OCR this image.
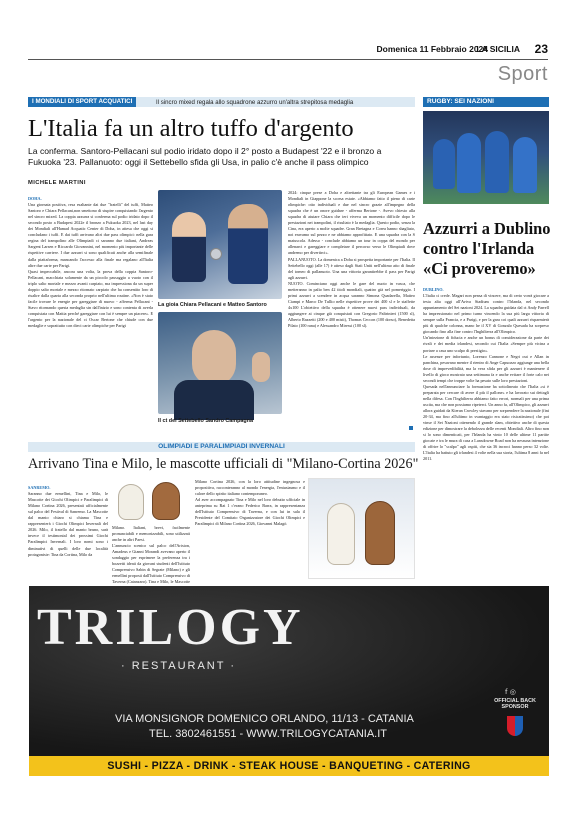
Domenica 11 Febbraio 2024
LA SICILIA 23
Sport
I MONDIALI DI SPORT ACQUATICI	Il sincro mixed regala allo squadrone azzurro un'altra strepitosa medaglia
L'Italia fa un altro tuffo d'argento
La conferma. Santoro-Pellacani sul podio iridato dopo il 2° posto a Budapest '22 e il bronzo a Fukuoka '23. Pallanuoto: oggi il Settebello sfida gli Usa, in palio c'è anche il pass olimpico
MICHELE MARTINI

DOHA.
Una giornata positiva, resa esaltante dai due "fratelli" del tuffi, Matteo Santoro e Chiara Pellacani,non smettono di stupire conquistando l'argento nel sincro mixed. La coppia azzurra si conferma sul podio iridato dopo il secondo posto a Budapest 2022e il bronzo a Fukuoka 2023, nel last day dei Mondiali all'Hamad Acquatic Center di Doha, in attesa che oggi si concludano i tuffi. E dai tuffi arrivano altri due pass olimpici: nella gara regina del trampolino alle Olimpiadi ci saranno due italiani, Andreas Sargent Larsen e Riccardo Giovannini, nel momento più importante delle rispettive carriere. I due azzurri si sono qualificati anche alla semifinale dalla piattaforma, mancando l'accesso alla finale ma regalano all'Italia altre due carte per Parigi.
Quasi impeccabile, ancora una volta, la prova della coppia Santoro-Pellacani, macchiata solamente da un piccolo passaggio a vuoto con il triplo salto mortale e mezzo avanti carpiato, ma impressiona da un super doppio salto mortale e mezzo ritornato carpiato che ha consentito loro di risalire dalla quarta alla seconda proprio nell'ultima routine. «Non è stato facile trovare le energie per gareggiare di nuovo - afferma Pellacani - Stavo ritornando questa medaglia sin dall'inizio e sono contenta di averla conquistata con Mattia perché gareggiare con lui è sempre un piacere». E l'argento per la nazionale del ct Oscar Bertone che chiude con due medaglie e soprattutto con dieci carte olimpiche per Parigi

La gioia Chiara Pellacani e Matteo Santoro
Il ct del Settebello Sandro Campagna
2024: cinque prese a Doha e altrettante tra gli European Games e i Mondiali in Giappone la scorsa estate. «Abbiamo fatto il pieno di carte olimpiche: otto individuali e due nel sincro grazie all'impegno della squadra che è un onore guidare - afferma Bertone -. Avevo chiesto alla squadra di aiutare Chiara che ieri viveva un momento difficile dopo le prestazioni nei trampolini, il risultato è la medaglia. Questo podio, senza la Cina, era aperto a molte squadre. Gran Bretagna e Corea hanno sbagliato, noi eravamo sul pezzo e ne abbiamo approfittato. E una squadra con la S maiuscola. Adesso - conclude abbiamo un tour in coppa del mondo per allenarci e gareggiare e completare il percorso verso le Olimpiadi dove andremo per divertirci».
PALLANUOTO. La domenica a Doha si prospetta importante per l'Italia. Il Settebello oggi (alle 17) è atteso dagli Stati Uniti nell'ultimo atto di finale del torneo di pallanuoto. Una una vittoria garantirebbe il pass per Parigi agli azzurri.
NUOTO. Cominciano oggi anche le gare del nuoto in vasca, che metteranno in palio ben 42 titoli mondiali, quattro già nel pomeriggio. I primi azzurri a scendere in acqua saranno Simona Quadarella, Matteo Ciampi e Marco De Tullio nelle rispettive prove dei 400 sl e le staffette 4x100 L'obiettivo della squadra è ottenere nuovi pass individuali, da aggiungere ai cinque già conquistati con Gregorio Paltrinieri (1500 sl), Alberto Razzetti (200 e 400 misti), Thomas Ceccon (100 dorso), Benedetta Pilato (100 rana) e Alessandro Miressi (100 sl).
OLIMPIADI E PARALIMPIADI INVERNALI
Arrivano Tina e Milo, le mascotte ufficiali di "Milano-Cortina 2026"

SANREMO.
Saranno due ermellini, Tina e Milo, le Mascotte dei Giochi Olimpici e Paralimpici di Milano Cortina 2026, presentati ufficialmente sul palco del Festival di Sanremo. La Mascotte dal manto chiaro si chiama Tina e rappresenterà i Giochi Olimpici Invernali del 2026. Milo, il fratello dal manto bruno, sarà invece il testimonial dei prossimi Giochi Paralimpici Invernali. I loro nomi sono i diminutivi di quelli delle due località protagoniste: Tina da Cortina, Milo da

Milano. Italiani, brevi, facilmente pronunciabili e memorizzabili, sono utilizzati anche in altri Paesi.
L'annuncio scenico sul palco dell'Ariston, Amadeus e Gianni Morandi avevano aperto il sondaggio per esprimere la preferenza tra i bozzetti ideati da giovani studenti dell'Istituto Comprensivo Sabin di Segrate (Milano) e gli ermellini proposti dall'Istituto Comprensivo di Taverna (Catanzaro). Tina e Milo, le Mascotte
Milano Cortina 2026, con la loro attitudine ingegnosa e propositiva, racconteranno al mondo l'energia, l'entusiasmo e il calore dello spirito italiano contemporaneo.
Ad aver accompagnato Tina e Milo nel loro debutto ufficiale in anteprima su Rai 1 c'erano Federico Barra, in rappresentanza dell'Istituto Comprensivo di Taverna, e con lui in sala il Presidente del Comitato Organizzatore dei Giochi Olimpici e Paralimpici di Milano Cortina 2026, Giovanni Malagò.
RUGBY: SEI NAZIONI
Azzurri a Dublino contro l'Irlanda «Ci proveremo»

DUBLINO.
L'Italia ci crede. Magari non pensa di vincere, ma di certo vorrà giocare a testa alta oggi all'Aviva Stadium contro l'Irlanda, nel secondo appuntamento del Sei nazioni 2024. La squadra guidata dal ct Andy Farrell ha impressionato nel primo turno vincendo la sua più larga vittoria di sempre sulla Francia, e a Parigi, e per la gara coi quali azzurri risparmierà più di qualche colonna, mano he il XV di Gonzalo Quesada ha sorpreso giocando fino alla fine contro l'Inghilterra all'Olimpico.
Un'iniezione di fiducia e anche un bonus di considerazione da parte dei rivali e dei media irlandesi, secondo cui l'Italia «Sempre più vicina a portare a casa uno scalpo di prestigio».
Le assenze per infortunio, Lorenzo Cannone e Negri out e Allan in panchina, pesavano mentre il rientro di Ange Capuozzo aggiunge una bella dose di imprevedibilità, ma la vera sfida per gli azzurri è mantenere il livello di gioco mostrato una settimana fa e anche evitare il forte calo nei secondi tempi che troppe volte ha pesato sulle loro prestazioni.
Quesada nell'annunciare la formazione ha sottolineato che l'Italia «si è preparata per cercare di avere il più il pallone» e ha lavorato sui dettagli nella difesa. Con l'Inghilterra abbiamo fatto errori, normali per una prima uscita, ma che non possiamo ripeterci. Un anno fa, all'Olimpico, gli azzurri allora guidati da Kieran Crowley stavano per sorprendere la nazionale (fini 20-34, ma fino all'ultimo in svantaggio era stato risicatissimo) che poi vinse il Sei Nazioni ottenendo il grande slam, obiettivo anche di questa edizione per dimostrare la debolezza delle recenti Mondiali. Altro fino non si lo sono dimenticati, per l'Irlanda ha vinto 10 delle ultime 11 partite giocate e tra le mura di casa a Lansdowne Road non ha nessuna intenzione di offrire lo "scalpo" agli ospiti, che sia 36 incroci hanno perso 32 volte. L'Italia ha battuto gli irlandesi 4 volte nella sua storia, l'ultima 8 anni fa nel 2011.

TRILOGY
· RESTAURANT ·
VIA MONSIGNOR DOMENICO ORLANDO, 11/13 - CATANIA
TEL. 3802461551 - WWW.TRILOGYCATANIA.IT
f ◎
OFFICIAL BACK SPONSOR
SUSHI - PIZZA - DRINK - STEAK HOUSE - BANQUETING - CATERING
